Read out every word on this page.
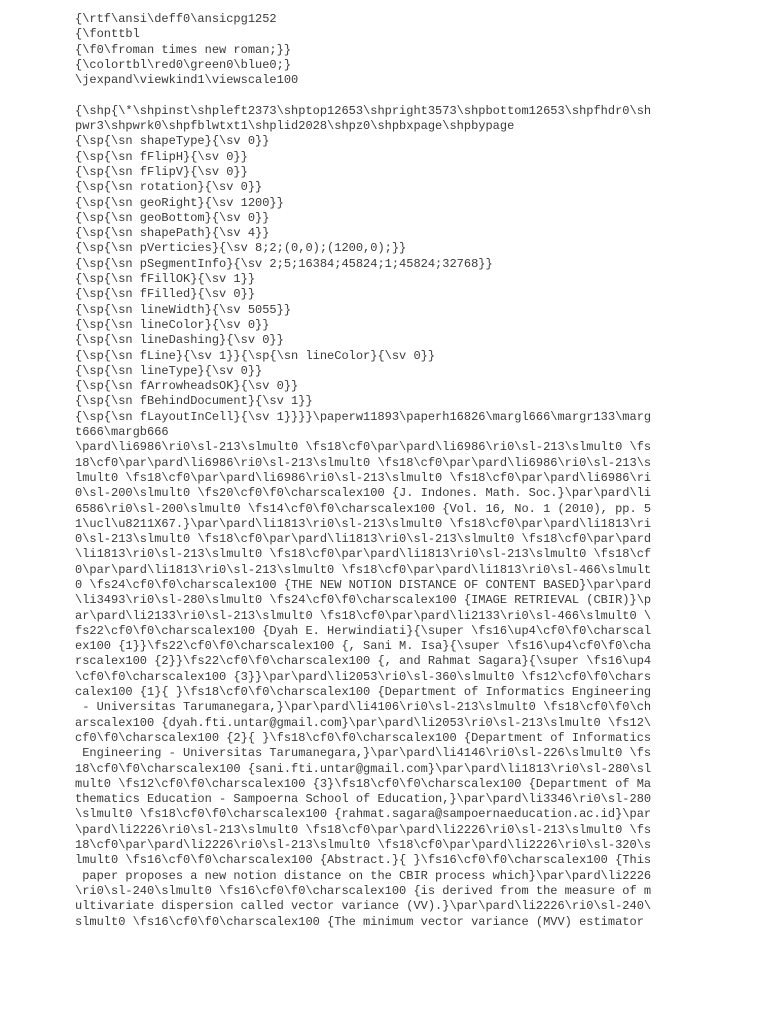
{\rtf\ansi\deff0\ansicpg1252
{\fonttbl
{\f0\froman times new roman;}}
{\colortbl\red0\green0\blue0;}
\jexpand\viewkind1\viewscale100
{\shp{\*\shpinst\shpleft2373\shptop12653\shpright3573\shpbottom12653\shpfhdr0\sh
pwr3\shpwrk0\shpfblwtxt1\shplid2028\shpz0\shpbxpage\shpbypage
{\sp{\sn shapeType}{\sv 0}}
{\sp{\sn fFlipH}{\sv 0}}
{\sp{\sn fFlipV}{\sv 0}}
{\sp{\sn rotation}{\sv 0}}
{\sp{\sn geoRight}{\sv 1200}}
{\sp{\sn geoBottom}{\sv 0}}
{\sp{\sn shapePath}{\sv 4}}
{\sp{\sn pVerticies}{\sv 8;2;(0,0);(1200,0);}}
{\sp{\sn pSegmentInfo}{\sv 2;5;16384;45824;1;45824;32768}}
{\sp{\sn fFillOK}{\sv 1}}
{\sp{\sn fFilled}{\sv 0}}
{\sp{\sn lineWidth}{\sv 5055}}
{\sp{\sn lineColor}{\sv 0}}
{\sp{\sn lineDashing}{\sv 0}}
{\sp{\sn fLine}{\sv 1}}{\sp{\sn lineColor}{\sv 0}}
{\sp{\sn lineType}{\sv 0}}
{\sp{\sn fArrowheadsOK}{\sv 0}}
{\sp{\sn fBehindDocument}{\sv 1}}
{\sp{\sn fLayoutInCell}{\sv 1}}}}\paperw11893\paperh16826\margl666\margr133\marg
t666\margb666
\pard\li6986\ri0\sl-213\slmult0 \fs18\cf0\par\pard\li6986\ri0\sl-213\slmult0 \fs
18\cf0\par\pard\li6986\ri0\sl-213\slmult0 \fs18\cf0\par\pard\li6986\ri0\sl-213\s
lmult0 \fs18\cf0\par\pard\li6986\ri0\sl-213\slmult0 \fs18\cf0\par\pard\li6986\ri
0\sl-200\slmult0 \fs20\cf0\f0\charscalex100 {J. Indones. Math. Soc.}\par\pard\li
6586\ri0\sl-200\slmult0 \fs14\cf0\f0\charscalex100 {Vol. 16, No. 1 (2010), pp. 5
1\ucl\u8211X67.}\par\pard\li1813\ri0\sl-213\slmult0 \fs18\cf0\par\pard\li1813\ri
0\sl-213\slmult0 \fs18\cf0\par\pard\li1813\ri0\sl-213\slmult0 \fs18\cf0\par\pard
\li1813\ri0\sl-213\slmult0 \fs18\cf0\par\pard\li1813\ri0\sl-213\slmult0 \fs18\cf
0\par\pard\li1813\ri0\sl-213\slmult0 \fs18\cf0\par\pard\li1813\ri0\sl-466\slmult
0 \fs24\cf0\f0\charscalex100 {THE NEW NOTION DISTANCE OF CONTENT BASED}\par\pard
\li3493\ri0\sl-280\slmult0 \fs24\cf0\f0\charscalex100 {IMAGE RETRIEVAL (CBIR)}\p
ar\pard\li2133\ri0\sl-213\slmult0 \fs18\cf0\par\pard\li2133\ri0\sl-466\slmult0 \
fs22\cf0\f0\charscalex100 {Dyah E. Herwindiati}{\super \fs16\up4\cf0\f0\charscal
ex100 {1}}\fs22\cf0\f0\charscalex100 {, Sani M. Isa}{\super \fs16\up4\cf0\f0\cha
rscalex100 {2}}\fs22\cf0\f0\charscalex100 {, and Rahmat Sagara}{\super \fs16\up4
\cf0\f0\charscalex100 {3}}\par\pard\li2053\ri0\sl-360\slmult0 \fs12\cf0\f0\chars
calex100 {1}{ }\fs18\cf0\f0\charscalex100 {Department of Informatics Engineering
- Universitas Tarumanegara,}\par\pard\li4106\ri0\sl-213\slmult0 \fs18\cf0\f0\ch
arscalex100 {dyah.fti.untar@gmail.com}\par\pard\li2053\ri0\sl-213\slmult0 \fs12\
cf0\f0\charscalex100 {2}{ }\fs18\cf0\f0\charscalex100 {Department of Informatics
Engineering - Universitas Tarumanegara,}\par\pard\li4146\ri0\sl-226\slmult0 \fs
18\cf0\f0\charscalex100 {sani.fti.untar@gmail.com}\par\pard\li1813\ri0\sl-280\sl
mult0 \fs12\cf0\f0\charscalex100 {3}\fs18\cf0\f0\charscalex100 {Department of Ma
thematics Education - Sampoerna School of Education,}\par\pard\li3346\ri0\sl-280
\slmult0 \fs18\cf0\f0\charscalex100 {rahmat.sagara@sampoernaeducation.ac.id}\par
\pard\li2226\ri0\sl-213\slmult0 \fs18\cf0\par\pard\li2226\ri0\sl-213\slmult0 \fs
18\cf0\par\pard\li2226\ri0\sl-213\slmult0 \fs18\cf0\par\pard\li2226\ri0\sl-320\s
lmult0 \fs16\cf0\f0\charscalex100 {Abstract.}{ }\fs16\cf0\f0\charscalex100 {This
paper proposes a new notion distance on the CBIR process which}\par\pard\li2226
\ri0\sl-240\slmult0 \fs16\cf0\f0\charscalex100 {is derived from the measure of m
ultivariate dispersion called vector variance (VV).}\par\pard\li2226\ri0\sl-240\
slmult0 \fs16\cf0\f0\charscalex100 {The minimum vector variance (MVV) estimator
